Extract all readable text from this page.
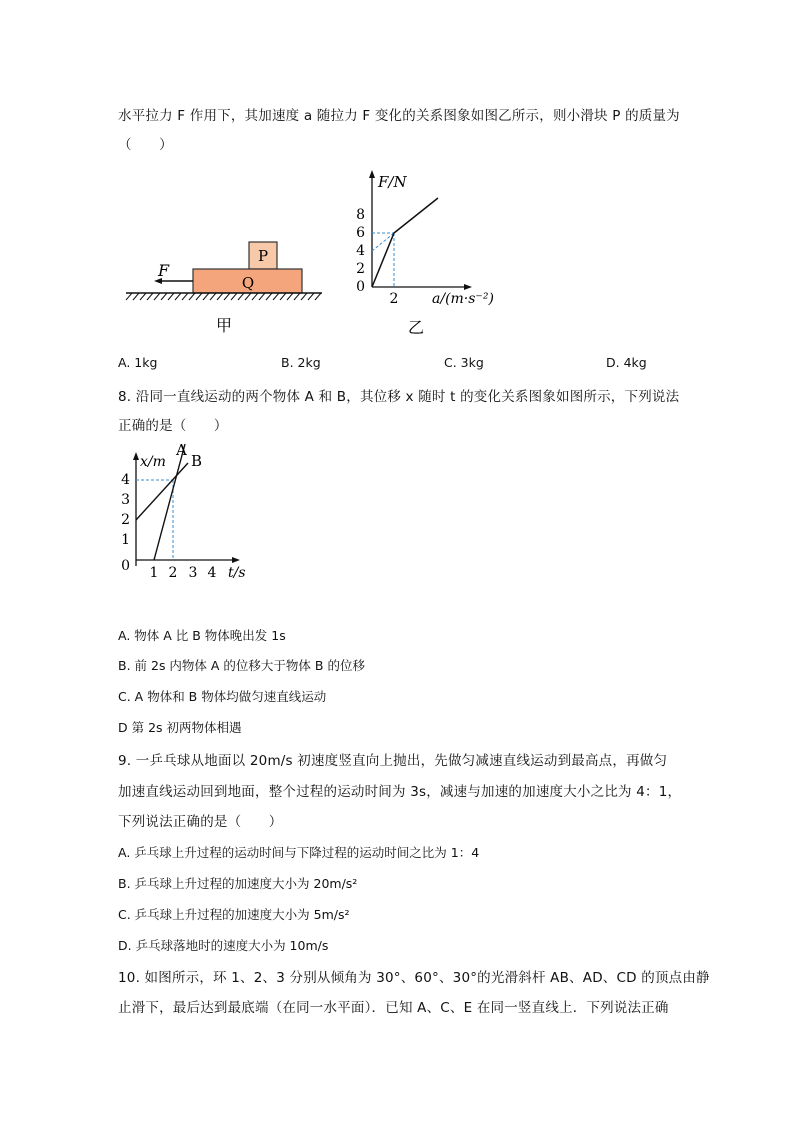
水平拉力 F 作用下，其加速度 a 随拉力 F 变化的关系图象如图乙所示，则小滑块 P 的质量为
（　　）
P
Q
F
甲
F/N
8
6
4
2
0
2 a/(m·s⁻²)
乙
A. 1kg	B. 2kg	C. 3kg	D. 4kg
8. 沿同一直线运动的两个物体 A 和 B，其位移 x 随时 t 的变化关系图象如图所示，下列说法
正确的是（　　）
x/m
4
3
2
1
0 1 2 3 4 t/s
A
B
A. 物体 A 比 B 物体晚出发 1s
B. 前 2s 内物体 A 的位移大于物体 B 的位移
C. A 物体和 B 物体均做匀速直线运动
D 第 2s 初两物体相遇
9. 一乒乓球从地面以 20m/s 初速度竖直向上抛出，先做匀减速直线运动到最高点，再做匀
加速直线运动回到地面，整个过程的运动时间为 3s，减速与加速的加速度大小之比为 4：1，
下列说法正确的是（　　）
A. 乒乓球上升过程的运动时间与下降过程的运动时间之比为 1：4
B. 乒乓球上升过程的加速度大小为 20m/s²
C. 乒乓球上升过程的加速度大小为 5m/s²
D. 乒乓球落地时的速度大小为 10m/s
10. 如图所示，环 1、2、3 分别从倾角为 30°、60°、30°的光滑斜杆 AB、AD、CD 的顶点由静
止滑下，最后达到最底端（在同一水平面）．已知 A、C、E 在同一竖直线上．下列说法正确
